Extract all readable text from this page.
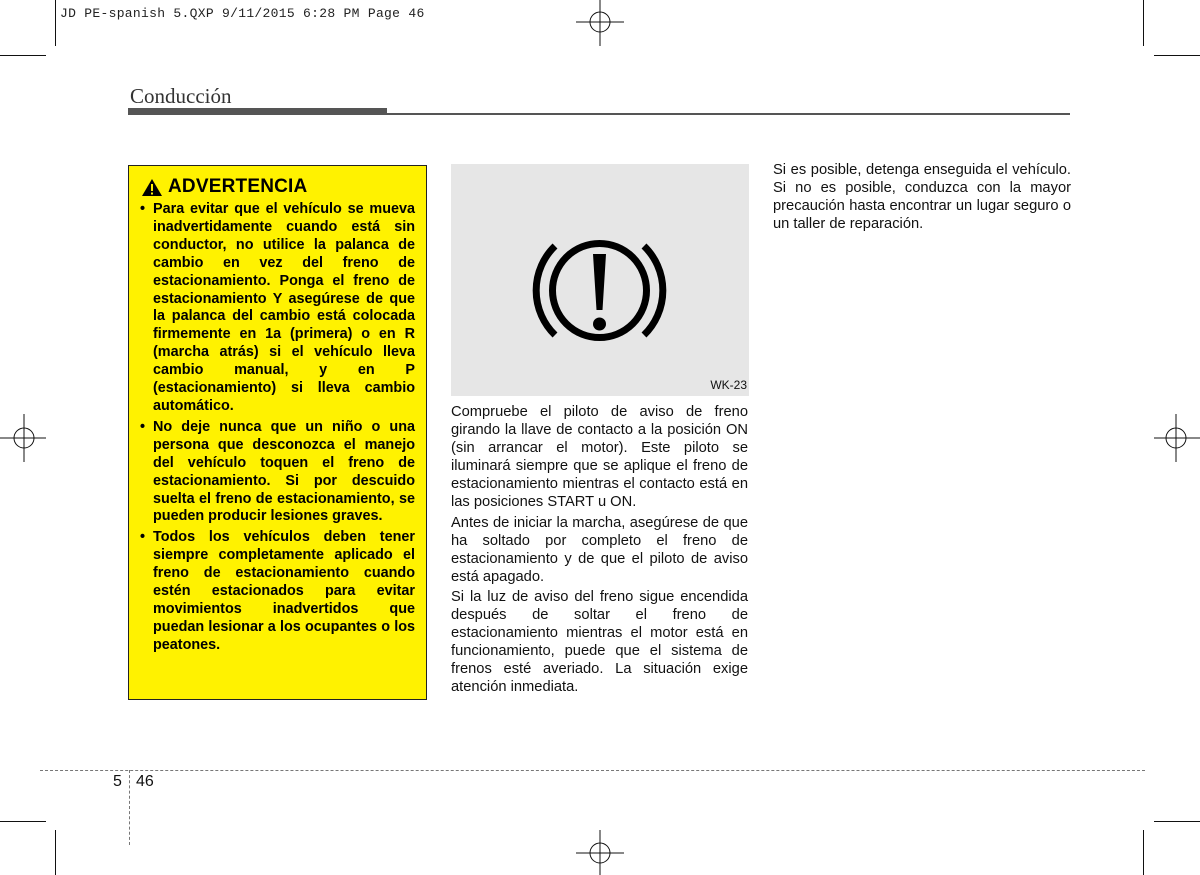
JD PE-spanish 5.QXP 9/11/2015 6:28 PM Page 46
Conducción
ADVERTENCIA
• Para evitar que el vehículo se mueva inadvertidamente cuando está sin conductor, no utilice la palanca de cambio en vez del freno de estacionamiento. Ponga el freno de estacionamiento Y asegúrese de que la palanca del cambio está colocada firmemente en 1a (primera) o en R (marcha atrás) si el vehículo lleva cambio manual, y en P (estacionamiento) si lleva cambio automático.
• No deje nunca que un niño o una persona que desconozca el manejo del vehículo toquen el freno de estacionamiento. Si por descuido suelta el freno de estacionamiento, se pueden producir lesiones graves.
• Todos los vehículos deben tener siempre completamente aplicado el freno de estacionamiento cuando estén estacionados para evitar movimientos inadvertidos que puedan lesionar a los ocupantes o los peatones.
WK-23

Compruebe el piloto de aviso de freno girando la llave de contacto a la posición ON (sin arrancar el motor). Este piloto se iluminará siempre que se aplique el freno de estacionamiento mientras el contacto está en las posiciones START u ON.

Antes de iniciar la marcha, asegúrese de que ha soltado por completo el freno de estacionamiento y de que el piloto de aviso está apagado.

Si la luz de aviso del freno sigue encendida después de soltar el freno de estacionamiento mientras el motor está en funcionamiento, puede que el sistema de frenos esté averiado. La situación exige atención inmediata.

Si es posible, detenga enseguida el vehículo. Si no es posible, conduzca con la mayor precaución hasta encontrar un lugar seguro o un taller de reparación.

5 46
